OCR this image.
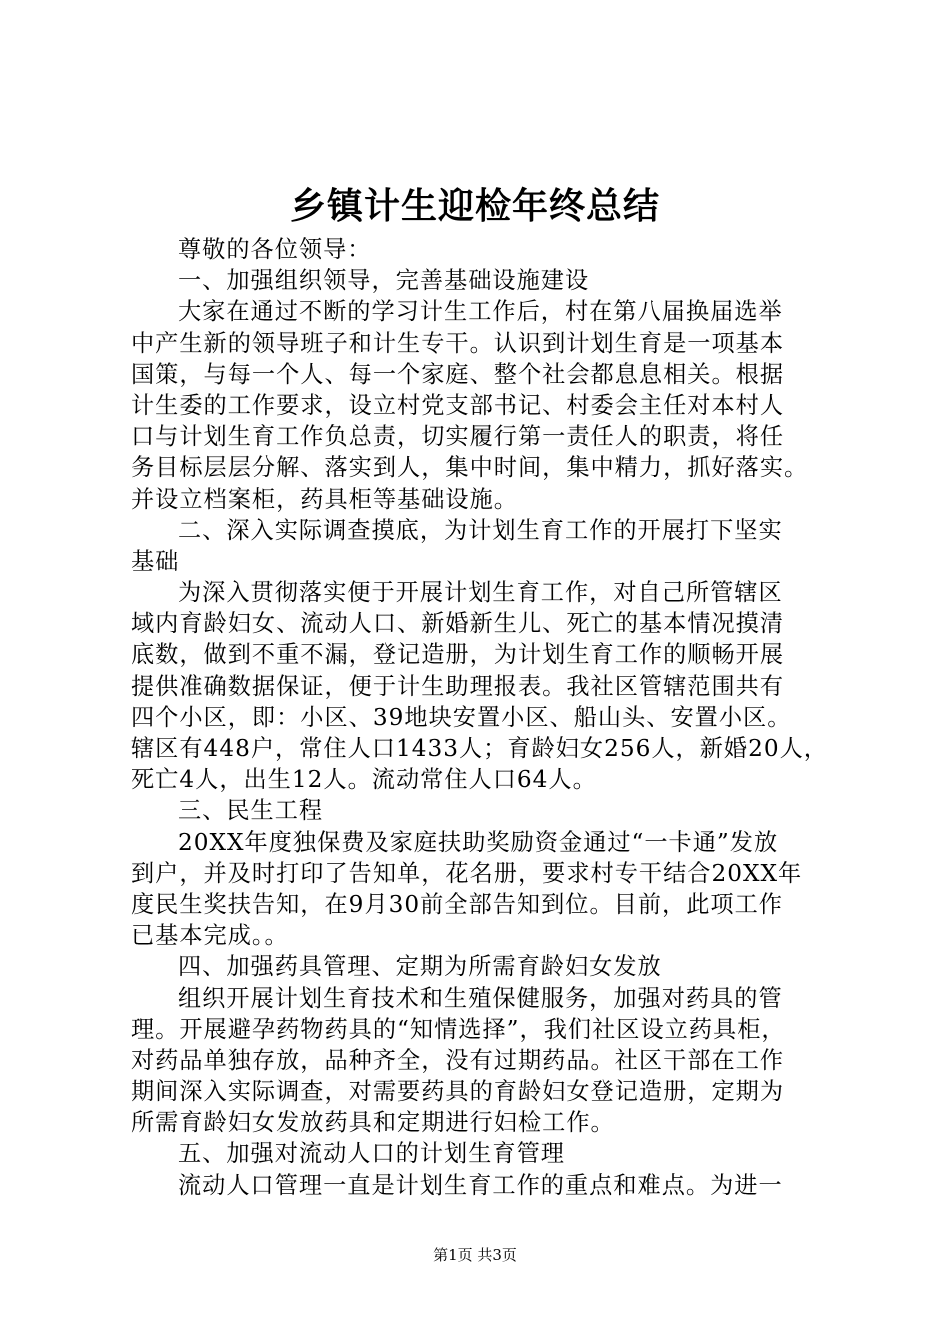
乡镇计生迎检年终总结
尊敬的各位领导：
一、加强组织领导，完善基础设施建设
大家在通过不断的学习计生工作后，村在第八届换届选举
中产生新的领导班子和计生专干。认识到计划生育是一项基本
国策，与每一个人、每一个家庭、整个社会都息息相关。根据
计生委的工作要求，设立村党支部书记、村委会主任对本村人
口与计划生育工作负总责，切实履行第一责任人的职责，将任
务目标层层分解、落实到人，集中时间，集中精力，抓好落实。
并设立档案柜，药具柜等基础设施。
二、深入实际调查摸底，为计划生育工作的开展打下坚实
基础
为深入贯彻落实便于开展计划生育工作，对自己所管辖区
域内育龄妇女、流动人口、新婚新生儿、死亡的基本情况摸清
底数，做到不重不漏，登记造册，为计划生育工作的顺畅开展
提供准确数据保证，便于计生助理报表。我社区管辖范围共有
四个小区，即：小区、39地块安置小区、船山头、安置小区。
辖区有448户，常住人口1433人；育龄妇女256人，新婚20人，
死亡4人，出生12人。流动常住人口64人。
三、民生工程
20XX年度独保费及家庭扶助奖励资金通过“一卡通”发放
到户，并及时打印了告知单，花名册，要求村专干结合20XX年
度民生奖扶告知，在9月30前全部告知到位。目前，此项工作
已基本完成。。
四、加强药具管理、定期为所需育龄妇女发放
组织开展计划生育技术和生殖保健服务，加强对药具的管
理。开展避孕药物药具的“知情选择”，我们社区设立药具柜，
对药品单独存放，品种齐全，没有过期药品。社区干部在工作
期间深入实际调查，对需要药具的育龄妇女登记造册，定期为
所需育龄妇女发放药具和定期进行妇检工作。
五、加强对流动人口的计划生育管理
流动人口管理一直是计划生育工作的重点和难点。为进一
第1页 共3页
